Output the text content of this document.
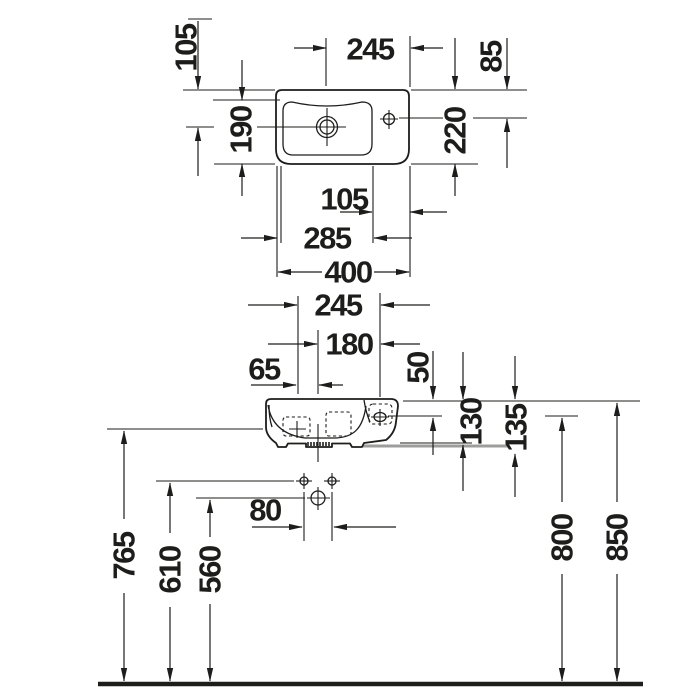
245	85
105
190	220
105
285
400
245
180
65	50
130 135
80
765 610 560
800 850
